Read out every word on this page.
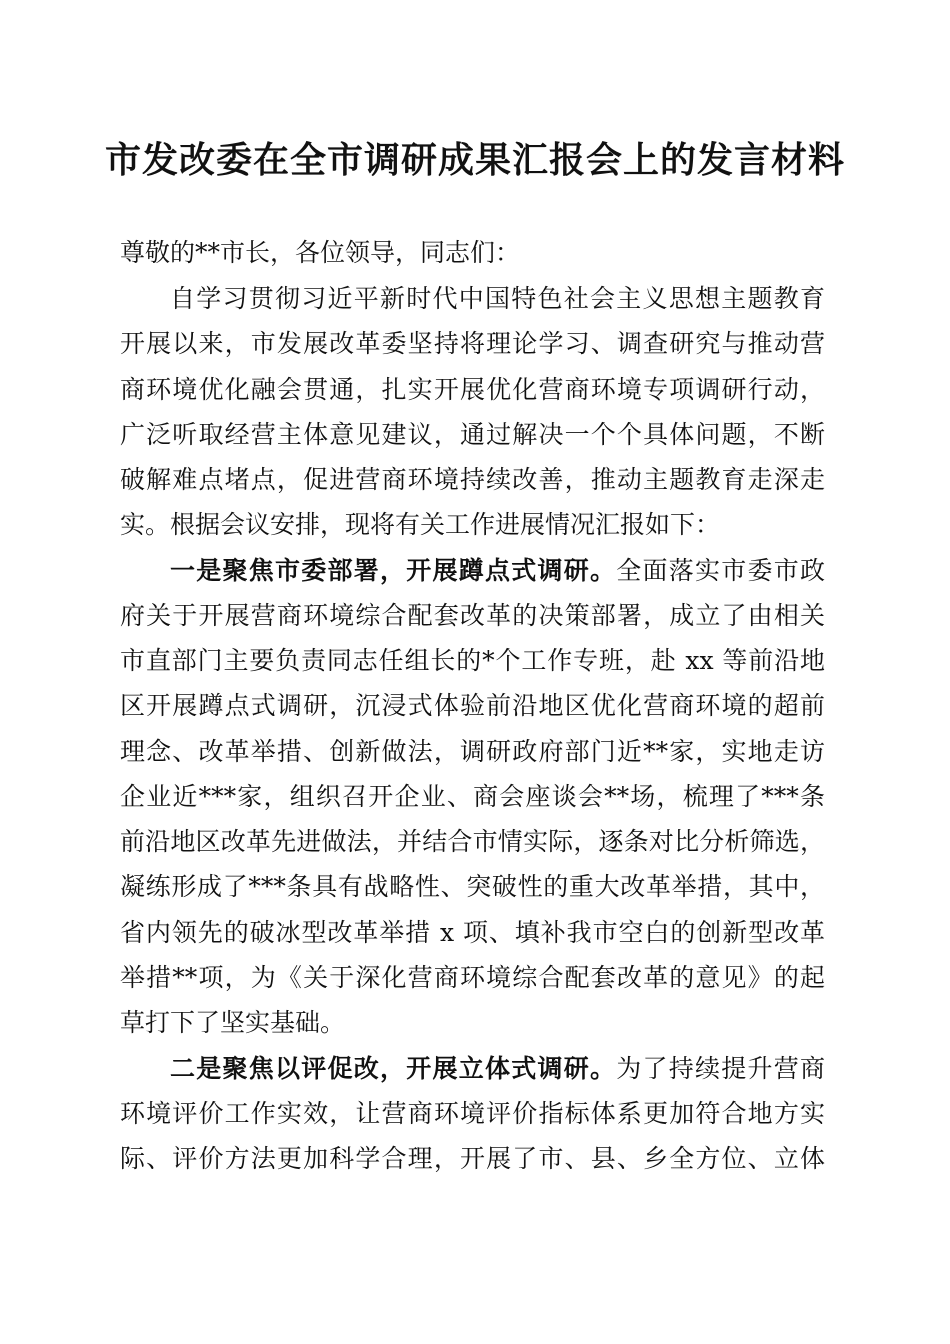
市发改委在全市调研成果汇报会上的发言材料
尊敬的**市长，各位领导，同志们：
自学习贯彻习近平新时代中国特色社会主义思想主题教育
开展以来，市发展改革委坚持将理论学习、调查研究与推动营
商环境优化融会贯通，扎实开展优化营商环境专项调研行动，
广泛听取经营主体意见建议，通过解决一个个具体问题，不断
破解难点堵点，促进营商环境持续改善，推动主题教育走深走
实。根据会议安排，现将有关工作进展情况汇报如下：
一是聚焦市委部署，开展蹲点式调研。全面落实市委市政
府关于开展营商环境综合配套改革的决策部署，成立了由相关
市直部门主要负责同志任组长的*个工作专班，赴 xx 等前沿地
区开展蹲点式调研，沉浸式体验前沿地区优化营商环境的超前
理念、改革举措、创新做法，调研政府部门近**家，实地走访
企业近***家，组织召开企业、商会座谈会**场，梳理了***条
前沿地区改革先进做法，并结合市情实际，逐条对比分析筛选，
凝练形成了***条具有战略性、突破性的重大改革举措，其中，
省内领先的破冰型改革举措 x 项、填补我市空白的创新型改革
举措**项，为《关于深化营商环境综合配套改革的意见》的起
草打下了坚实基础。
二是聚焦以评促改，开展立体式调研。为了持续提升营商
环境评价工作实效，让营商环境评价指标体系更加符合地方实
际、评价方法更加科学合理，开展了市、县、乡全方位、立体
